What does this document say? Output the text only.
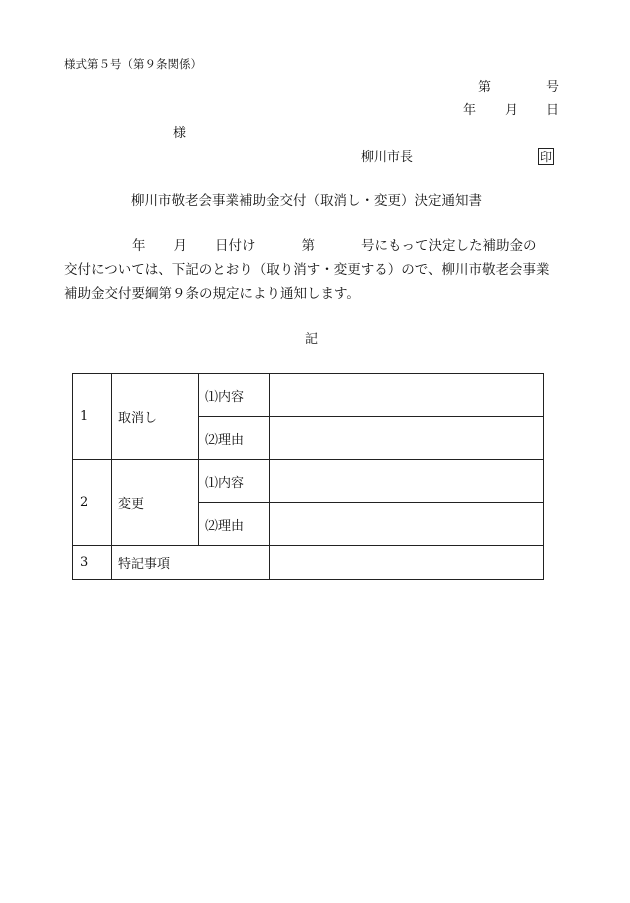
様式第５号（第９条関係）
第	号
年 月 日
様
柳川市長	印
柳川市敬老会事業補助金交付（取消し・変更）決定通知書
年 月 日付け	第	号にもって決定した補助金の
交付については、下記のとおり（取り消す・変更する）ので、柳川市敬老会事業
補助金交付要綱第９条の規定により通知します。
記
1	取消し	⑴内容	
		⑵理由	
2	変更	⑴内容	
		⑵理由	
3	特記事項		
